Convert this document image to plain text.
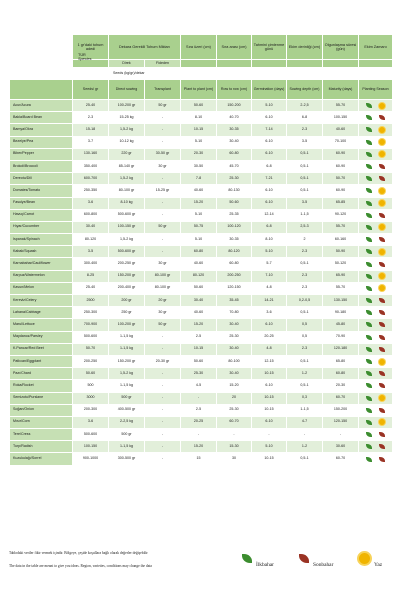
	1 gr'daki tohum adedi	Dekara Gereklli Tohum Miktarı		Sıra üzeri (cm)	Sıra arası (cm)	Tahmini çimlenme günü	Ekim derinliği (cm)	Olgunlaşma süresi (gün)	Ekim Zamanı
		Direk	Fideden						
	Seeds (kg/gr)/dekar								
	Seeds/ gr	Direct sowing	Transplant	Plant to plant (cm)	Row to row (cm)	Germination (days)	Sowing depth (cm)	Maturity (days)	Planting Season
Acur/Acura	25-40	100-200 gr	50 gr	50-60	150-200	5-10	2-2,5	55-70	

Bakla/Board Bean	2-3	15-25 kg	-	8-10	40-70	6-10	6-8	100-150	

Bamya/Okra	15-18	1,5-2 kg	-	10-15	30-35	7-14	2-3	40-60	

Bezelye/Pea	3-7	10-12 kg	-	5-10	30-40	6-10	3-5	70-100	

Biber/Pepper	130-160	220 gr	30-50 gr	20-30	60-80	6-10	0,5-1	60-90	

Brokoli/Broccoli	350-400	85-140 gr	30 gr	30-50	45-70	6-8	0,5-1	60-90	

Dereotu/Dill	600-700	1,5-2 kg	-	7-8	25-30	7-21	0,5-1	50-70	

Domates/Tomato	250-350	80-100 gr	15-25 gr	40-60	80-130	6-10	0,5-1	60-90	

Fasulye/Bean	3-6	8-10 kg	-	15-20	50-60	6-10	3-5	65-85	

Havuç/Carrot	600-800	500-600 gr	-	5-10	25-35	12-14	1-1,5	90-120	

Hıyar/Cucumber	30-40	100-150 gr	50 gr	50-75	100-120	6-8	2,5-3	55-70	

Ispanak/Spinach	80-120	1,5-2 kg	-	5-10	30-35	8-10	2	60-160	

Kabak/Squash	3-5	500-600 gr	-	60-80	80-120	5-10	2-3	50-90	

Karnabahar/Cauliflower	300-400	200-250 gr	30 gr	40-60	60-80	5-7	0,5-1	50-120	

Karpuz/Watermelon	8-25	150-200 gr	80-100 gr	80-120	200-250	7-10	2-3	65-90	

Kavun/Melon	25-40	200-400 gr	80-100 gr	50-60	120-150	4-8	2-3	55-70	

Kereviz/Celery	2500	200 gr	20 gr	30-40	35-45	14-21	0,2-0,5	130-150	

Lahana/Cabbage	250-300	250 gr	30 gr	40-60	70-80	3-6	0,5-1	90-180	

Marul/Lettuce	700-900	100-200 gr	50 gr	15-20	30-40	6-10	0,5	45-80	

Maydanoz/Parsley	500-600	1-1,5 kg	-	2-5	25-30	20-25	0,5	70-90	

K.Pancar/Red Beet	50-70	1-1,5 kg	-	10-15	30-40	4-8	2-3	120-180	

Patlıcan/Eggplant	200-250	150-200 gr	20-30 gr	50-60	80-100	12-15	0,5-1	65-80	

Pazı/Chard	50-60	1,5-2 kg	-	25-30	30-40	10-15	1-2	60-80	

Roka/Rocket	500	1-1,5 kg	-	4-5	15-20	6-10	0,5-1	20-30	

Semizotu/Purslane	3000	500 gr	-	-	20	10-15	0,3	60-70	

Soğan/Onion	200-300	400-500 gr	-	2-5	25-30	10-15	1-1,5	150-200	

Mısır/Corn	3-6	2-2,5 kg	-	20-25	60-70	6-10	4-7	120-150	

Tere/Cress	500-600	500 gr	-	-	-	-	-	-	

Turp/Radish	100-150	1-1,5 kg	-	15-20	15-30	5-10	1-2	30-60	

Kuzukulağı/Sorrel	900-1000	300-500 gr	-	15	30	10-15	0,5-1	60-70	
Tablodaki veriler fikir vermek içindir. Bölgeye, çeşide koşullara bağlı olarak değerler değişebilir
The data in the table are meant to give you ideas. Region, varieties, conditions may change the data	İlkbahar	Sonbahar	Yaz
